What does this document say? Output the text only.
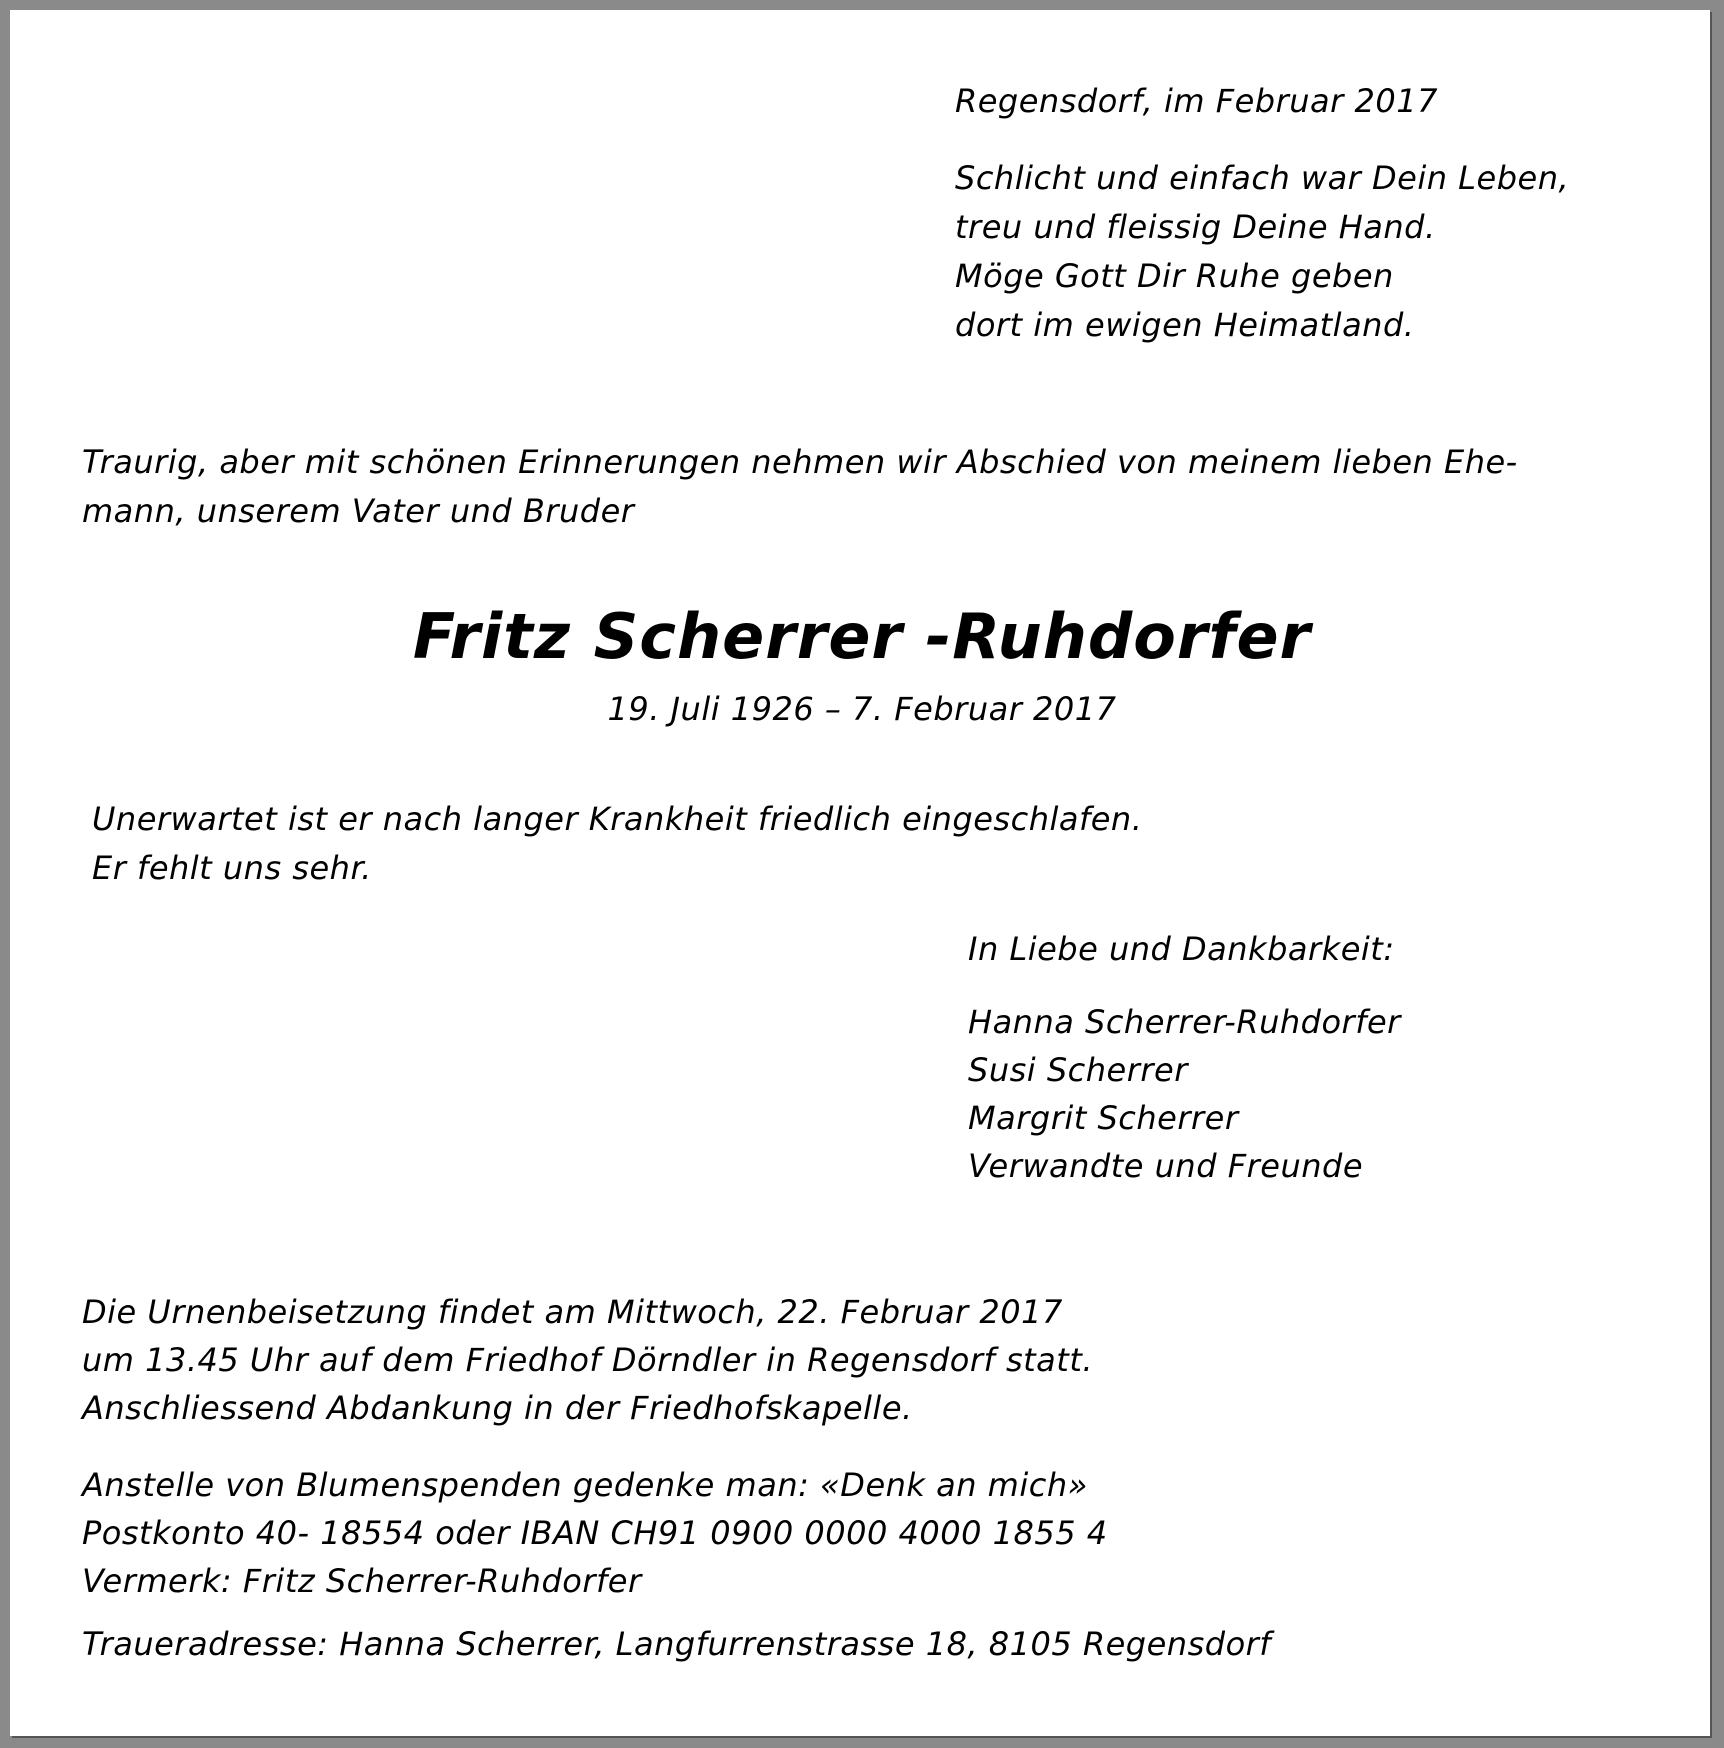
Regensdorf, im Februar 2017
Schlicht und einfach war Dein Leben,
treu und fleissig Deine Hand.
Möge Gott Dir Ruhe geben
dort im ewigen Heimatland.
Traurig, aber mit schönen Erinnerungen nehmen wir Abschied von meinem lieben Ehe-
mann, unserem Vater und Bruder
Fritz Scherrer -Ruhdorfer
19. Juli 1926 – 7. Februar 2017
Unerwartet ist er nach langer Krankheit friedlich eingeschlafen.
Er fehlt uns sehr.
In Liebe und Dankbarkeit:
Hanna Scherrer-Ruhdorfer
Susi Scherrer
Margrit Scherrer
Verwandte und Freunde
Die Urnenbeisetzung findet am Mittwoch, 22. Februar 2017
um 13.45 Uhr auf dem Friedhof Dörndler in Regensdorf statt.
Anschliessend Abdankung in der Friedhofskapelle.
Anstelle von Blumenspenden gedenke man: «Denk an mich»
Postkonto 40- 18554 oder IBAN CH91 0900 0000 4000 1855 4
Vermerk: Fritz Scherrer-Ruhdorfer
Traueradresse: Hanna Scherrer, Langfurrenstrasse 18, 8105 Regensdorf
